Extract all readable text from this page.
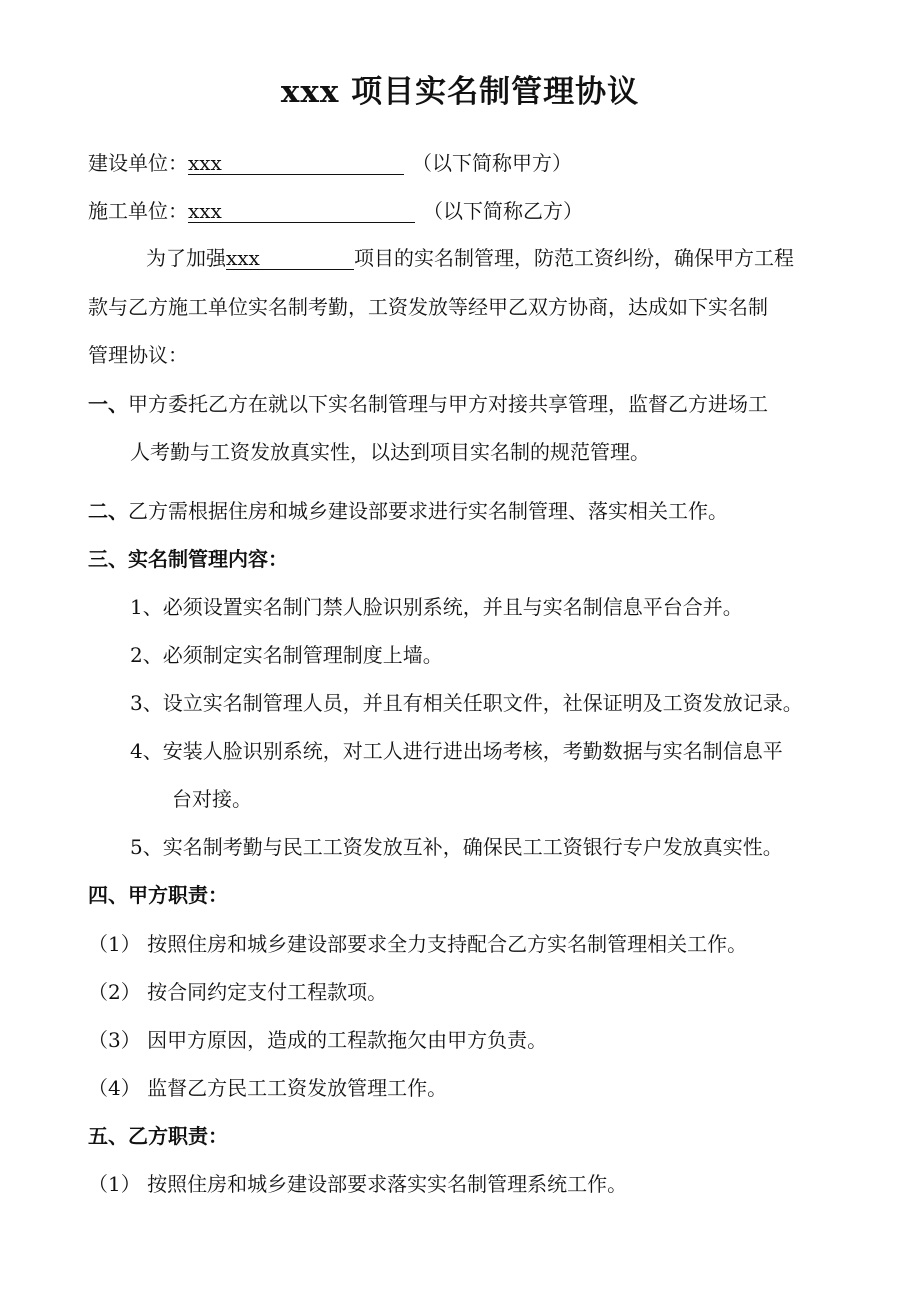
xxx 项目实名制管理协议
建设单位：xxx	（以下简称甲方）
施工单位：xxx	（以下简称乙方）
为了加强xxx	项目的实名制管理，防范工资纠纷，确保甲方工程
款与乙方施工单位实名制考勤，工资发放等经甲乙双方协商，达成如下实名制
管理协议：
一、甲方委托乙方在就以下实名制管理与甲方对接共享管理，监督乙方进场工
人考勤与工资发放真实性，以达到项目实名制的规范管理。
二、乙方需根据住房和城乡建设部要求进行实名制管理、落实相关工作。
三、实名制管理内容：
1、必须设置实名制门禁人脸识别系统，并且与实名制信息平台合并。
2、必须制定实名制管理制度上墙。
3、设立实名制管理人员，并且有相关任职文件，社保证明及工资发放记录。
4、安装人脸识别系统，对工人进行进出场考核，考勤数据与实名制信息平
台对接。
5、实名制考勤与民工工资发放互补，确保民工工资银行专户发放真实性。
四、甲方职责：
（1） 按照住房和城乡建设部要求全力支持配合乙方实名制管理相关工作。
（2） 按合同约定支付工程款项。
（3） 因甲方原因，造成的工程款拖欠由甲方负责。
（4） 监督乙方民工工资发放管理工作。
五、乙方职责：
（1） 按照住房和城乡建设部要求落实实名制管理系统工作。
